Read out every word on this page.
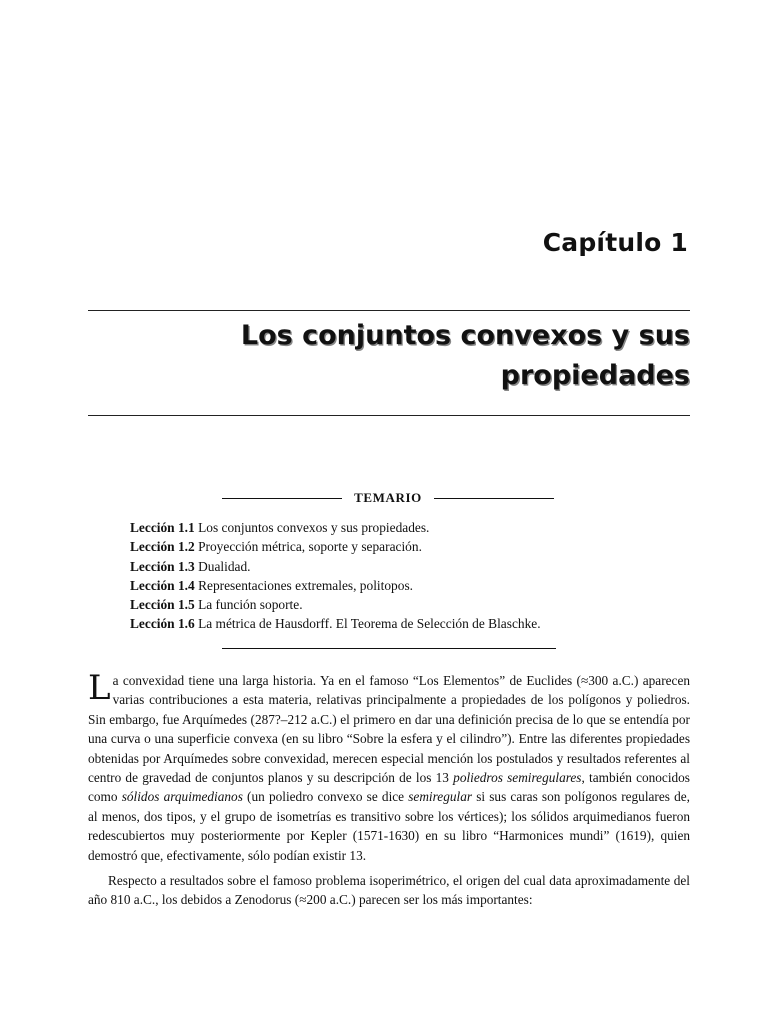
Capítulo 1
Los conjuntos convexos y sus
propiedades
TEMARIO
Lección 1.1 Los conjuntos convexos y sus propiedades.
Lección 1.2 Proyección métrica, soporte y separación.
Lección 1.3 Dualidad.
Lección 1.4 Representaciones extremales, politopos.
Lección 1.5 La función soporte.
Lección 1.6 La métrica de Hausdorff. El Teorema de Selección de Blaschke.

La convexidad tiene una larga historia. Ya en el famoso “Los Elementos” de Euclides (≈300 a.C.) aparecen varias contribuciones a esta materia, relativas principalmente a propiedades de los polígonos y poliedros. Sin embargo, fue Arquímedes (287?–212 a.C.) el primero en dar una definición precisa de lo que se entendía por una curva o una superficie convexa (en su libro “Sobre la esfera y el cilindro”). Entre las diferentes propiedades obtenidas por Arquímedes sobre convexidad, merecen especial mención los postulados y resultados referentes al centro de gravedad de conjuntos planos y su descripción de los 13 poliedros semiregulares, también conocidos como sólidos arquimedianos (un poliedro convexo se dice semiregular si sus caras son polígonos regulares de, al menos, dos tipos, y el grupo de isometrías es transitivo sobre los vértices); los sólidos arquimedianos fueron redescubiertos muy posteriormente por Kepler (1571-1630) en su libro “Harmonices mundi” (1619), quien demostró que, efectivamente, sólo podían existir 13.

Respecto a resultados sobre el famoso problema isoperimétrico, el origen del cual data aproximadamente del año 810 a.C., los debidos a Zenodorus (≈200 a.C.) parecen ser los más importantes:
